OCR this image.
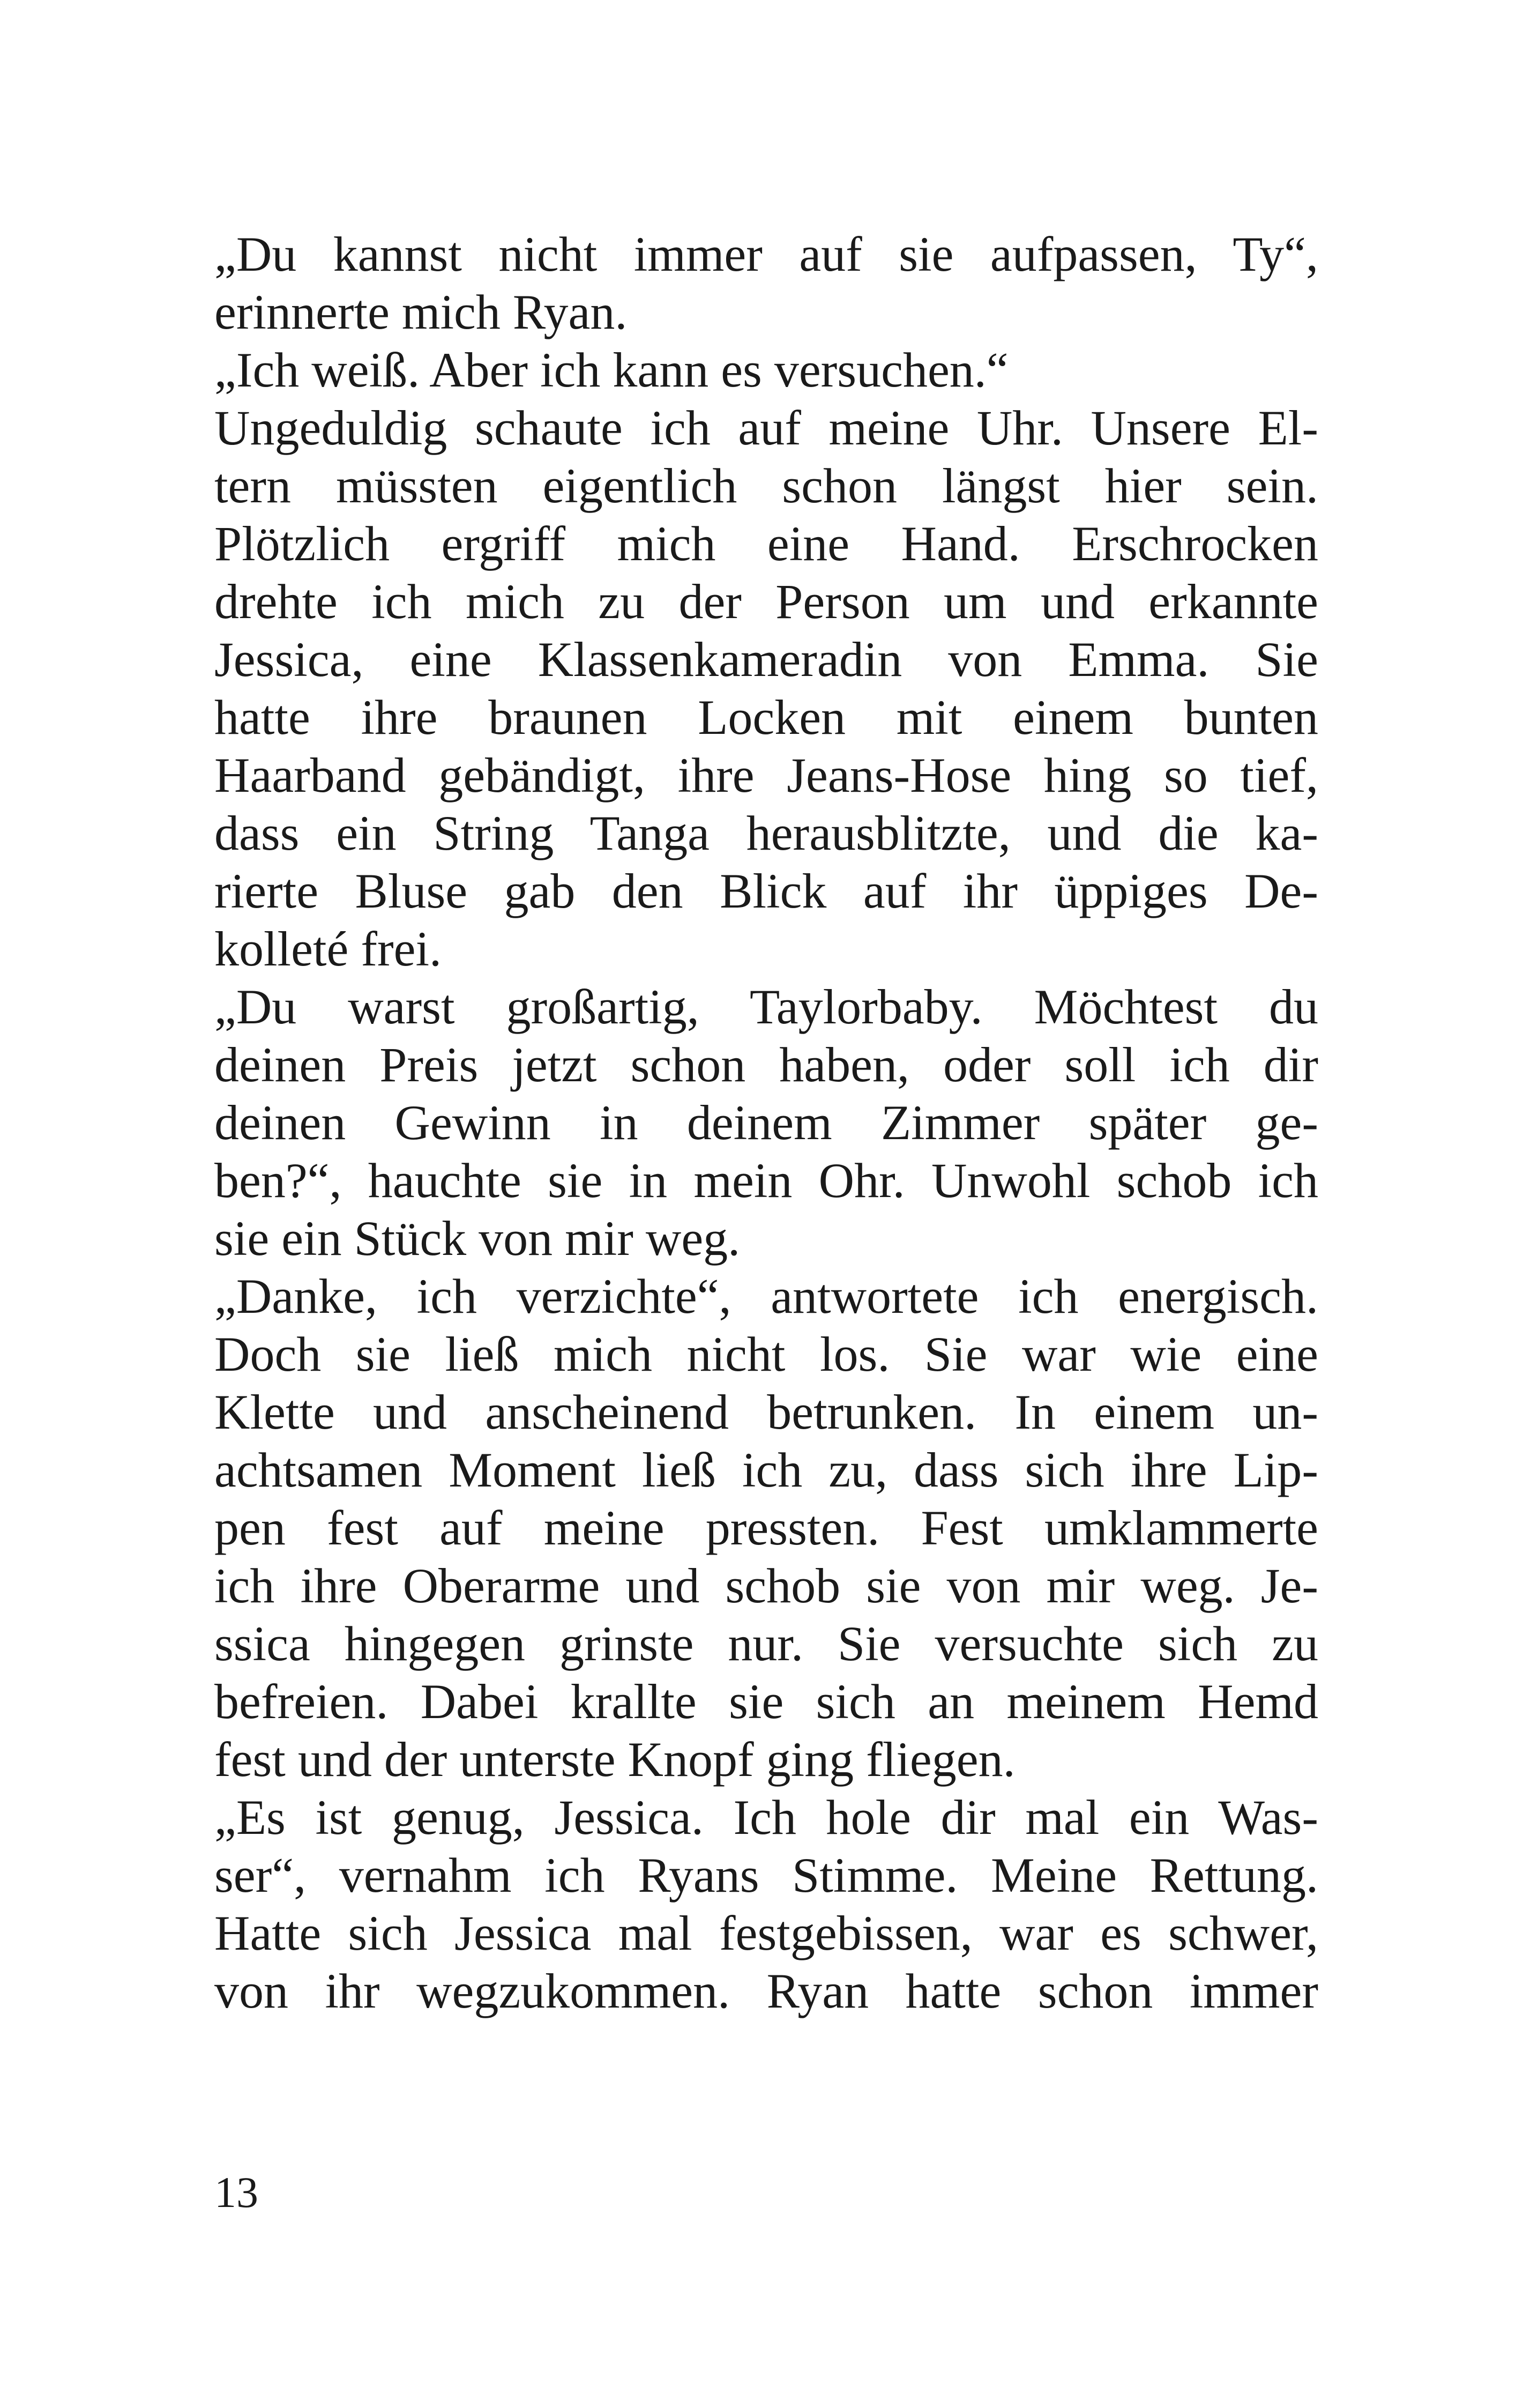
„Du kannst nicht immer auf sie aufpassen, Ty“,
erinnerte mich Ryan.
„Ich weiß. Aber ich kann es versuchen.“
Ungeduldig schaute ich auf meine Uhr. Unsere El-
tern müssten eigentlich schon längst hier sein.
Plötzlich ergriff mich eine Hand. Erschrocken
drehte ich mich zu der Person um und erkannte
Jessica, eine Klassenkameradin von Emma. Sie
hatte ihre braunen Locken mit einem bunten
Haarband gebändigt, ihre Jeans-Hose hing so tief,
dass ein String Tanga herausblitzte, und die ka-
rierte Bluse gab den Blick auf ihr üppiges De-
kolleté frei.
„Du warst großartig, Taylorbaby. Möchtest du
deinen Preis jetzt schon haben, oder soll ich dir
deinen Gewinn in deinem Zimmer später ge-
ben?“, hauchte sie in mein Ohr. Unwohl schob ich
sie ein Stück von mir weg.
„Danke, ich verzichte“, antwortete ich energisch.
Doch sie ließ mich nicht los. Sie war wie eine
Klette und anscheinend betrunken. In einem un-
achtsamen Moment ließ ich zu, dass sich ihre Lip-
pen fest auf meine pressten. Fest umklammerte
ich ihre Oberarme und schob sie von mir weg. Je-
ssica hingegen grinste nur. Sie versuchte sich zu
befreien. Dabei krallte sie sich an meinem Hemd
fest und der unterste Knopf ging fliegen.
„Es ist genug, Jessica. Ich hole dir mal ein Was-
ser“, vernahm ich Ryans Stimme. Meine Rettung.
Hatte sich Jessica mal festgebissen, war es schwer,
von ihr wegzukommen. Ryan hatte schon immer
13
